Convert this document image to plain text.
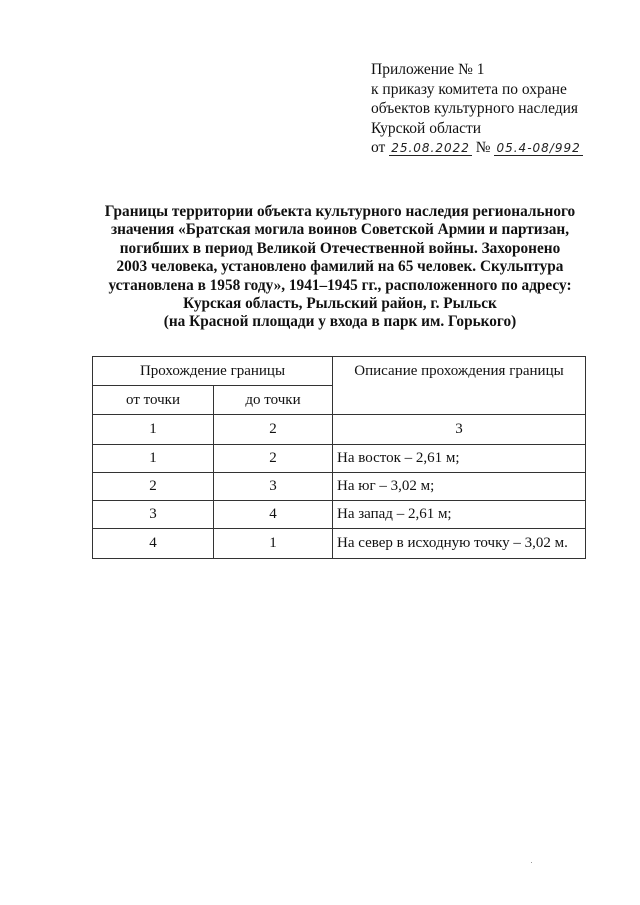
Приложение № 1
к приказу комитета по охране
объектов культурного наследия
Курской области
от 25.08.2022 № 05.4-08/992
Границы территории объекта культурного наследия регионального
значения «Братская могила воинов Советской Армии и партизан,
погибших в период Великой Отечественной войны. Захоронено
2003 человека, установлено фамилий на 65 человек. Скульптура
установлена в 1958 году», 1941–1945 гг., расположенного по адресу:
Курская область, Рыльский район, г. Рыльск
(на Красной площади у входа в парк им. Горького)
Прохождение границы		Описание прохождения границы
от точки	до точки	
1	2	3
1	2	На восток – 2,61 м;
2	3	На юг – 3,02 м;
3	4	На запад – 2,61 м;
4	1	На север в исходную точку – 3,02 м.
